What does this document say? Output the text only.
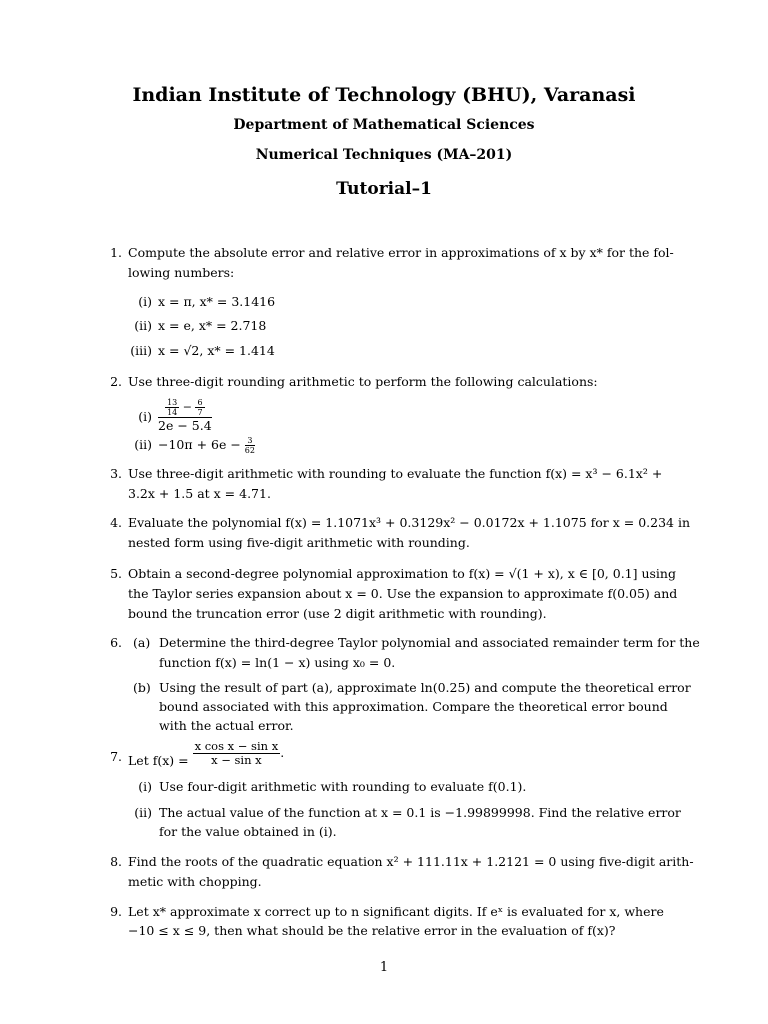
Indian Institute of Technology (BHU), Varanasi
Department of Mathematical Sciences
Numerical Techniques (MA–201)
Tutorial–1
1. Compute the absolute error and relative error in approximations of x by x* for the fol-
lowing numbers:
(i) x = π, x* = 3.1416
(ii) x = e, x* = 2.718
(iii) x = √2, x* = 1.414
2. Use three-digit rounding arithmetic to perform the following calculations:
$(i) \frac{\frac{13}{14} - \frac{6}{7}}{2e - 5.4}$
$(ii) -10\pi + 6e - \frac{3}{62}$
3. Use three-digit arithmetic with rounding to evaluate the function f(x) = x³ − 6.1x² +
3.2x + 1.5 at x = 4.71.
4. Evaluate the polynomial f(x) = 1.1071x³ + 0.3129x² − 0.0172x + 1.1075 for x = 0.234 in
nested form using five-digit arithmetic with rounding.
5. Obtain a second-degree polynomial approximation to f(x) = √(1 + x), x ∈ [0, 0.1] using
the Taylor series expansion about x = 0. Use the expansion to approximate f(0.05) and
bound the truncation error (use 2 digit arithmetic with rounding).
6. (a) Determine the third-degree Taylor polynomial and associated remainder term for the
function f(x) = ln(1 − x) using x₀ = 0.
(b) Using the result of part (a), approximate ln(0.25) and compute the theoretical error
bound associated with this approximation. Compare the theoretical error bound
with the actual error.
7. Let $f(x) = \frac{\text{x cos x − sin x}}{\text{x − sin x}}$ .
(i) Use four-digit arithmetic with rounding to evaluate f(0.1).
(ii) The actual value of the function at x = 0.1 is −1.99899998. Find the relative error
for the value obtained in (i).
8. Find the roots of the quadratic equation x² + 111.11x + 1.2121 = 0 using five-digit arith-
metic with chopping.
9. Let x* approximate x correct up to n significant digits. If eˣ is evaluated for x, where
−10 ≤ x ≤ 9, then what should be the relative error in the evaluation of f(x)?
1
